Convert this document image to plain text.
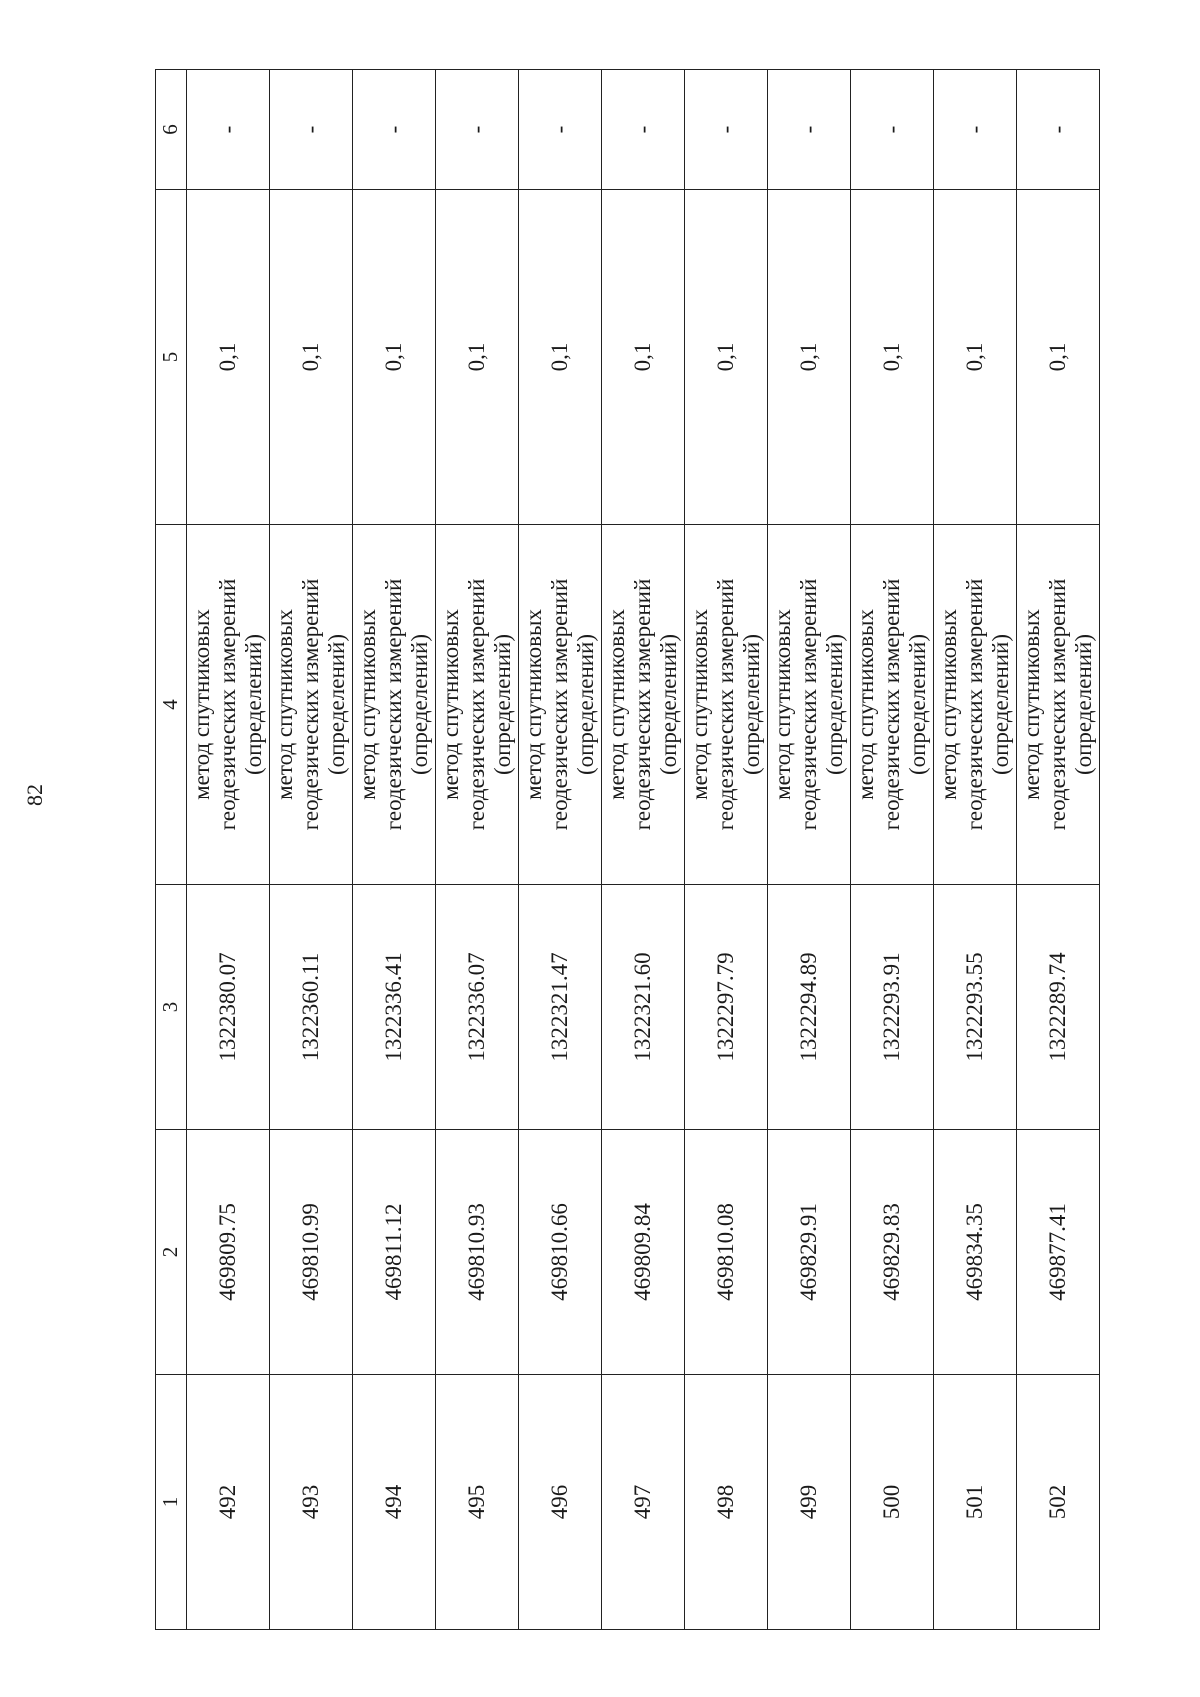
82
1	2	3	4	5	6
492	469809.75	1322380.07	метод спутниковых геодезических измерений (определений)	0,1	-
493	469810.99	1322360.11	метод спутниковых геодезических измерений (определений)	0,1	-
494	469811.12	1322336.41	метод спутниковых геодезических измерений (определений)	0,1	-
495	469810.93	1322336.07	метод спутниковых геодезических измерений (определений)	0,1	-
496	469810.66	1322321.47	метод спутниковых геодезических измерений (определений)	0,1	-
497	469809.84	1322321.60	метод спутниковых геодезических измерений (определений)	0,1	-
498	469810.08	1322297.79	метод спутниковых геодезических измерений (определений)	0,1	-
499	469829.91	1322294.89	метод спутниковых геодезических измерений (определений)	0,1	-
500	469829.83	1322293.91	метод спутниковых геодезических измерений (определений)	0,1	-
501	469834.35	1322293.55	метод спутниковых геодезических измерений (определений)	0,1	-
502	469877.41	1322289.74	метод спутниковых геодезических измерений (определений)	0,1	-
